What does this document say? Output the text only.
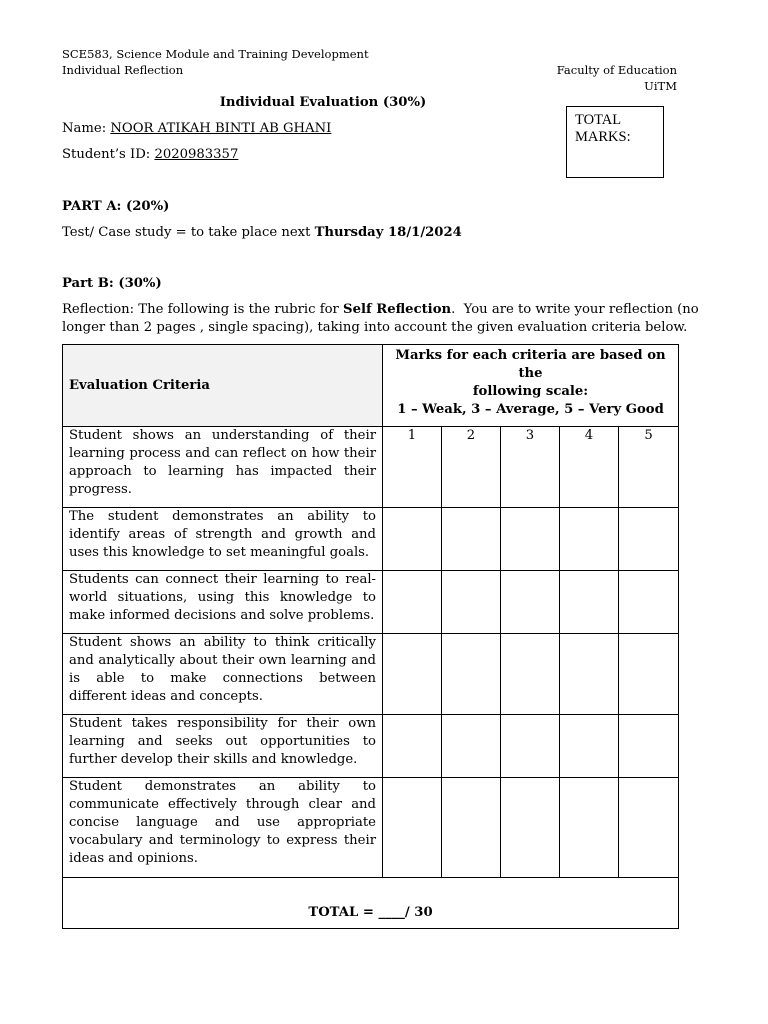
SCE583, Science Module and Training Development
Individual Reflection	Faculty of Education UiTM
Individual Evaluation (30%)
Name: NOOR ATIKAH BINTI AB GHANI
Student’s ID: 2020983357
TOTAL
MARKS:
PART A: (20%)
Test/ Case study = to take place next Thursday 18/1/2024
Part B: (30%)
Reflection: The following is the rubric for Self Reflection.  You are to write your reflection (no
longer than 2 pages , single spacing), taking into account the given evaluation criteria below.
Evaluation Criteria	Marks for each criteria are based on the
following scale:
1 – Weak, 3 – Average, 5 – Very Good				

Student shows an understanding of their learning process and can reflect on how their approach to learning has impacted their progress.	1	2	3	4	5
The student demonstrates an ability to identify areas of strength and growth and uses this knowledge to set meaningful goals.					
Students can connect their learning to real-world situations, using this knowledge to make informed decisions and solve problems.					
Student shows an ability to think critically and analytically about their own learning and is able to make connections between different ideas and concepts.					
Student takes responsibility for their own learning and seeks out opportunities to further develop their skills and knowledge.					
Student demonstrates an ability to communicate effectively through clear and concise language and use appropriate vocabulary and terminology to express their ideas and opinions.					
TOTAL = ____/ 30					
